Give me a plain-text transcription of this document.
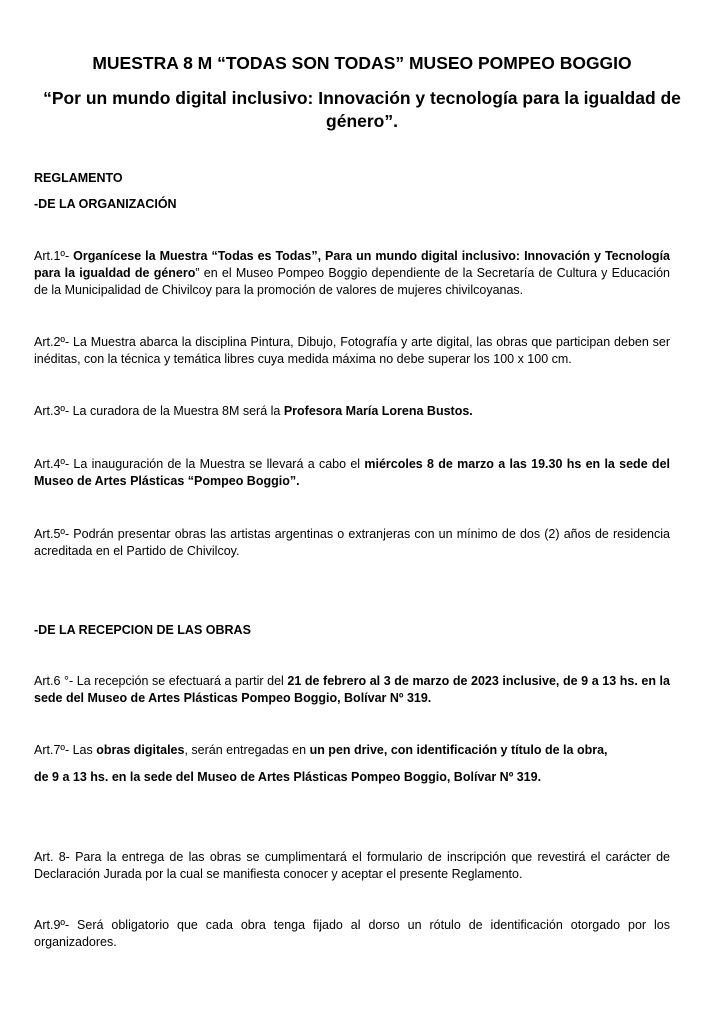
MUESTRA 8 M “TODAS SON TODAS” MUSEO POMPEO BOGGIO
“Por un mundo digital inclusivo: Innovación y tecnología para la igualdad de género”.
REGLAMENTO
-DE LA ORGANIZACIÓN

Art.1º- Organícese la Muestra “Todas es Todas”, Para un mundo digital inclusivo: Innovación y Tecnología para la igualdad de género” en el Museo Pompeo Boggio dependiente de la Secretaría de Cultura y Educación de la Municipalidad de Chivilcoy para la promoción de valores de mujeres chivilcoyanas.

Art.2º- La Muestra abarca la disciplina Pintura, Dibujo, Fotografía y arte digital, las obras que participan deben ser inéditas, con la técnica y temática libres cuya medida máxima no debe superar los 100 x 100 cm.

Art.3º- La curadora de la Muestra 8M será la Profesora María Lorena Bustos.

Art.4º- La inauguración de la Muestra se llevará a cabo el miércoles 8 de marzo a las 19.30 hs en la sede del Museo de Artes Plásticas “Pompeo Boggio”.

Art.5º- Podrán presentar obras las artistas argentinas o extranjeras con un mínimo de dos (2) años de residencia acreditada en el Partido de Chivilcoy.

-DE LA RECEPCION DE LAS OBRAS

Art.6 °- La recepción se efectuará a partir del 21 de febrero al 3 de marzo de 2023 inclusive, de 9 a 13 hs. en la sede del Museo de Artes Plásticas Pompeo Boggio, Bolívar Nº 319.

Art.7º- Las obras digitales, serán entregadas en un pen drive, con identificación y título de la obra,

de 9 a 13 hs. en la sede del Museo de Artes Plásticas Pompeo Boggio, Bolívar Nº 319.

Art. 8- Para la entrega de las obras se cumplimentará el formulario de inscripción que revestirá el carácter de Declaración Jurada por la cual se manifiesta conocer y aceptar el presente Reglamento.

Art.9º- Será obligatorio que cada obra tenga fijado al dorso un rótulo de identificación otorgado por los organizadores.
